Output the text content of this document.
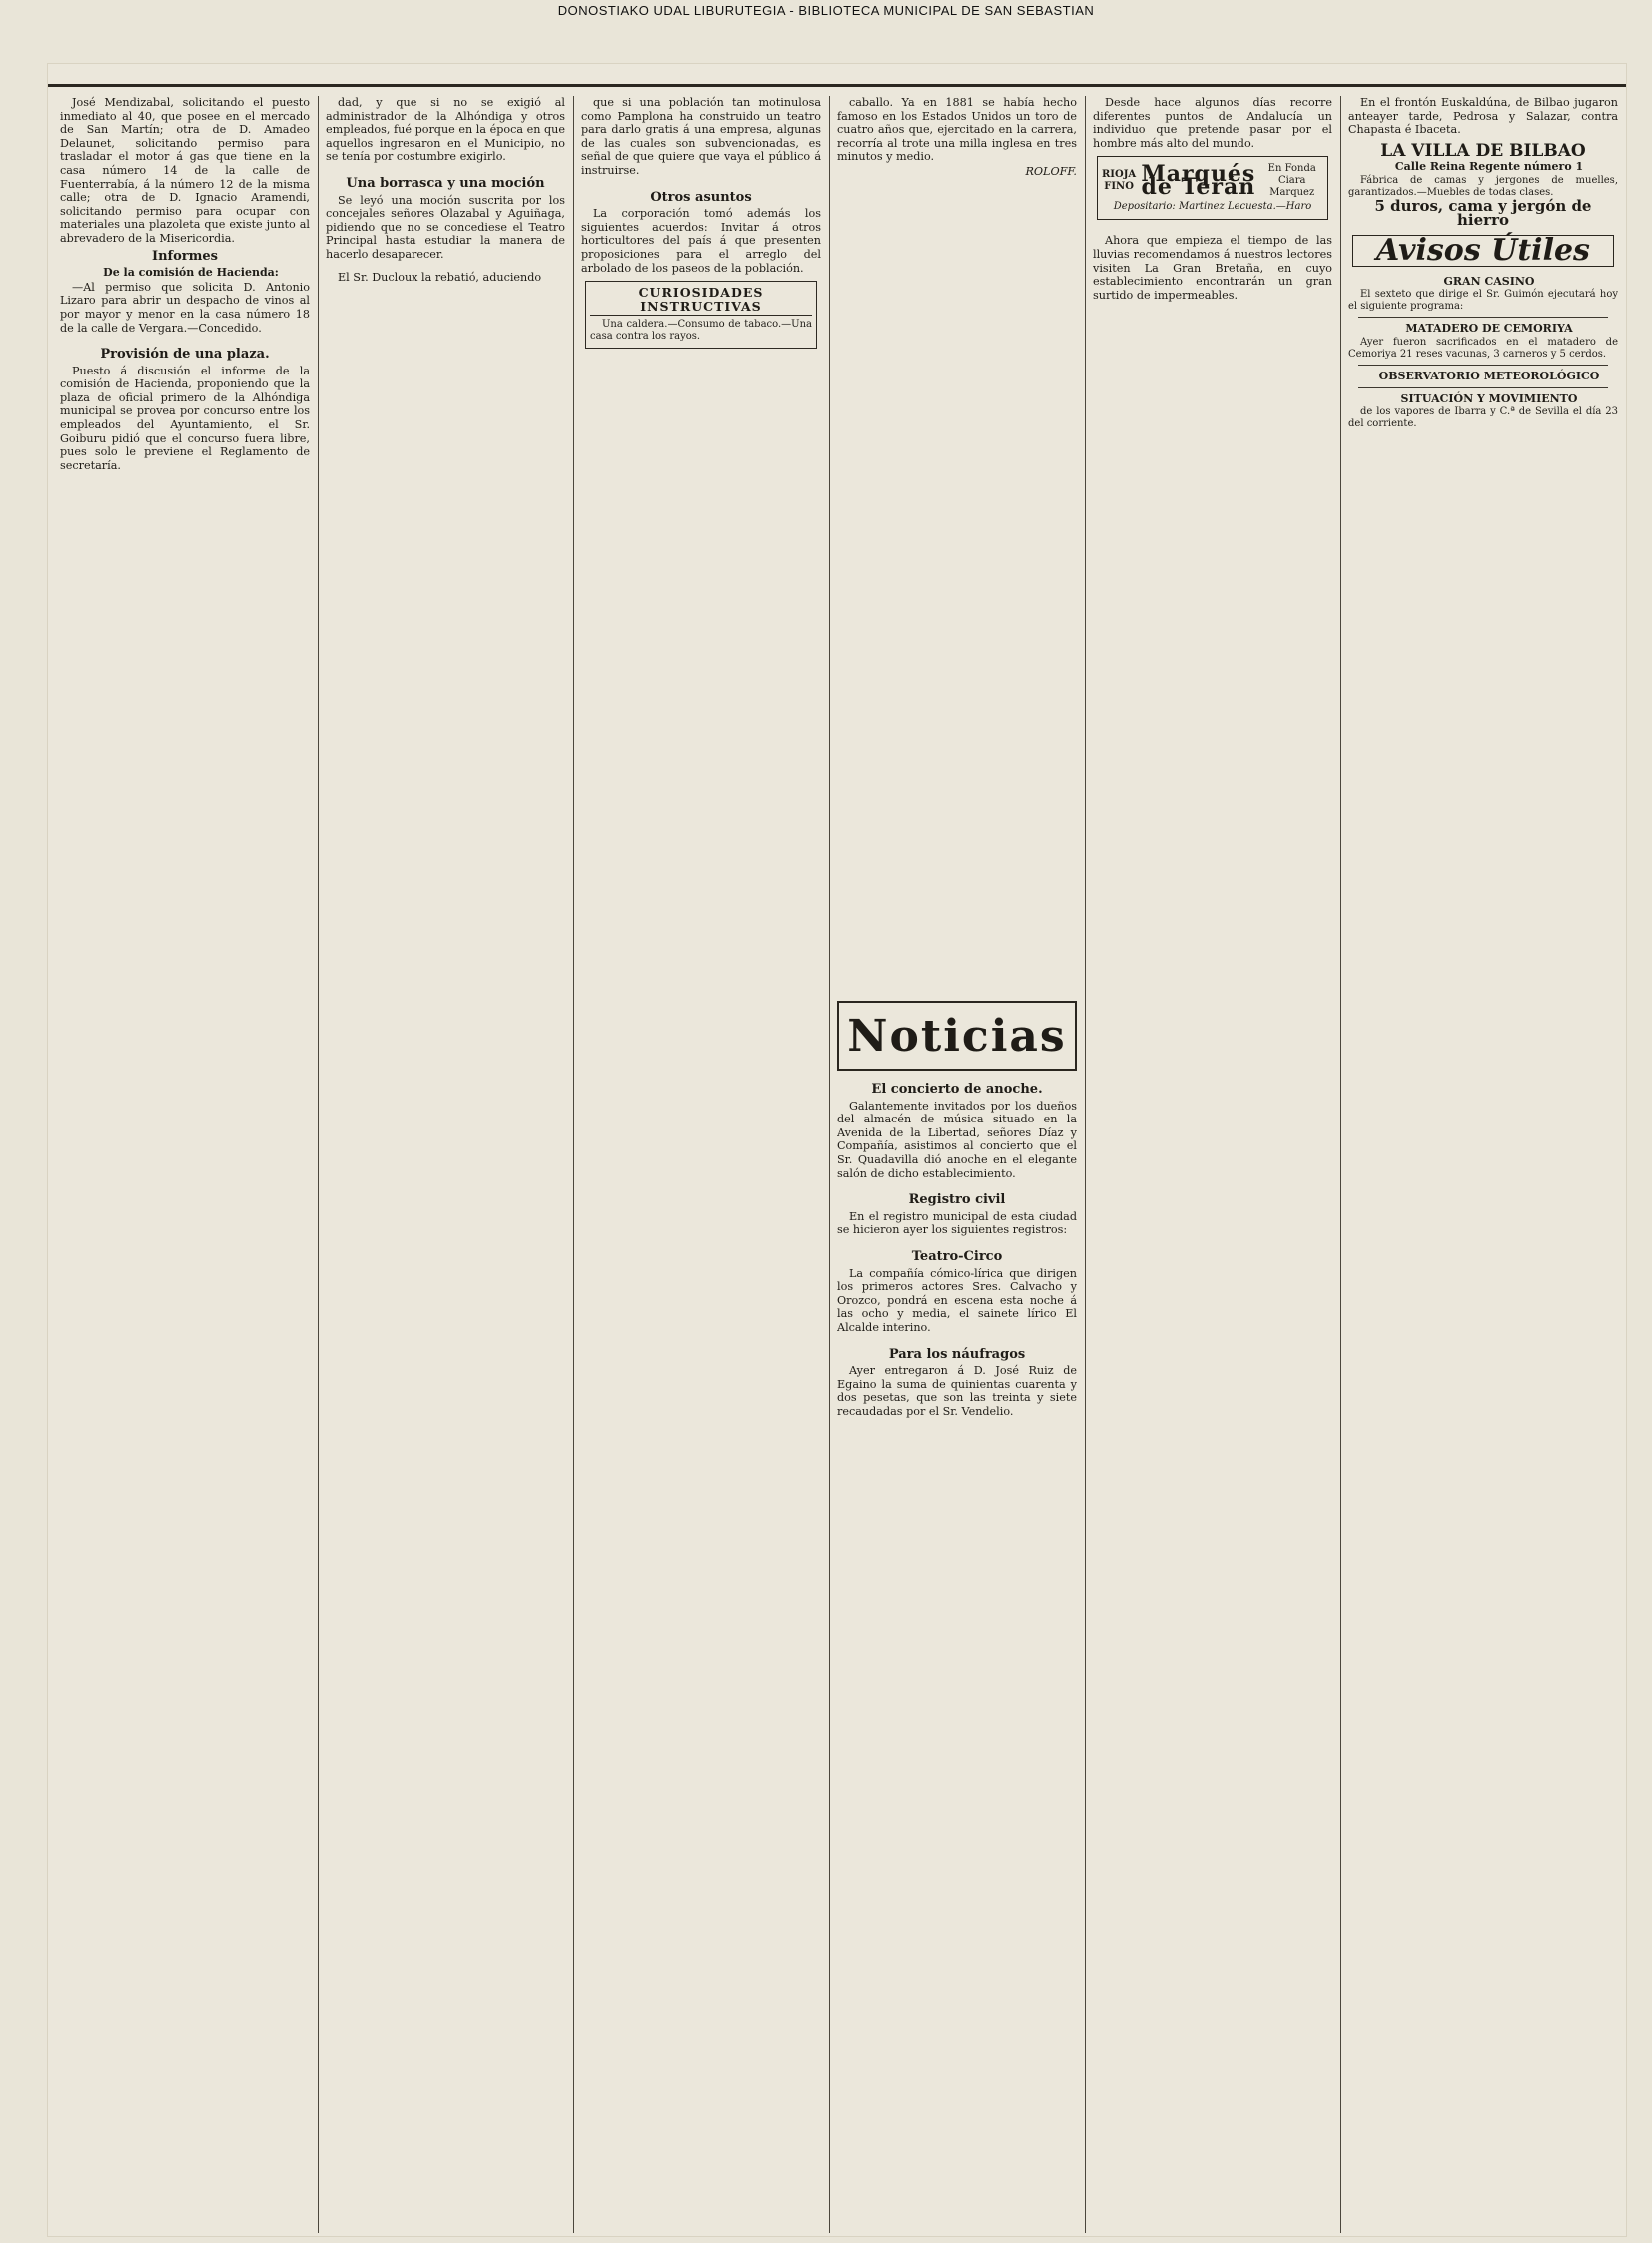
DONOSTIAKO UDAL LIBURUTEGIA - BIBLIOTECA MUNICIPAL DE SAN SEBASTIAN

José Mendizabal, solicitando el puesto inmediato al 40, que posee en el mercado de San Martín; otra de D. Amadeo Delaunet, solicitando permiso para trasladar el motor á gas que tiene en la casa número 14 de la calle de Fuenterrabía, á la número 12 de la misma calle; otra de D. Ignacio Aramendi, solicitando permiso para ocupar con materiales una plazoleta que existe junto al abrevadero de la Misericordia.

Informes

De la comisión de Hacienda:

—Al permiso que solicita D. Antonio Lizaro para abrir un despacho de vinos al por mayor y menor en la casa número 18 de la calle de Vergara.—Concedido.

Provisión de una plaza.

Puesto á discusión el informe de la comisión de Hacienda, proponiendo que la plaza de oficial primero de la Alhóndiga municipal se provea por concurso entre los empleados del Ayuntamiento, el Sr. Goiburu pidió que el concurso fuera libre, pues solo le previene el Reglamento de secretaría.

dad, y que si no se exigió al administrador de la Alhóndiga y otros empleados, fué porque en la época en que aquellos ingresaron en el Municipio, no se tenía por costumbre exigirlo.

Una borrasca y una moción

Se leyó una moción suscrita por los concejales señores Olazabal y Aguiñaga, pidiendo que no se concediese el Teatro Principal hasta estudiar la manera de hacerlo desaparecer.

El Sr. Ducloux la rebatió, aduciendo

que si una población tan motinulosa como Pamplona ha construido un teatro para darlo gratis á una empresa, algunas de las cuales son subvencionadas, es señal de que quiere que vaya el público á instruirse.

Otros asuntos

La corporación tomó además los siguientes acuerdos: Invitar á otros horticultores del país á que presenten proposiciones para el arreglo del arbolado de los paseos de la población.

CURIOSIDADES INSTRUCTIVAS

Una caldera.—Consumo de tabaco.—Una casa contra los rayos.

caballo. Ya en 1881 se había hecho famoso en los Estados Unidos un toro de cuatro años que, ejercitado en la carrera, recorría al trote una milla inglesa en tres minutos y medio.

ROLOFF.

Noticias
El concierto de anoche.

Galantemente invitados por los dueños del almacén de música situado en la Avenida de la Libertad, señores Díaz y Compañía, asistimos al concierto que el Sr. Quadavilla dió anoche en el elegante salón de dicho establecimiento.

Registro civil

En el registro municipal de esta ciudad se hicieron ayer los siguientes registros:

Teatro-Circo

La compañía cómico-lírica que dirigen los primeros actores Sres. Calvacho y Orozco, pondrá en escena esta noche á las ocho y media, el sainete lírico El Alcalde interino.

Para los náufragos

Ayer entregaron á D. José Ruiz de Egaino la suma de quinientas cuarenta y dos pesetas, que son las treinta y siete recaudadas por el Sr. Vendelio.

Desde hace algunos días recorre diferentes puntos de Andalucía un individuo que pretende pasar por el hombre más alto del mundo.

RIOJA FINO
Marqués de Terán
En Fonda Ciara Marquez
Depositario: Martinez Lecuesta.—Haro

Ahora que empieza el tiempo de las lluvias recomendamos á nuestros lectores visiten La Gran Bretaña, en cuyo establecimiento encontrarán un gran surtido de impermeables.

En el frontón Euskaldúna, de Bilbao jugaron anteayer tarde, Pedrosa y Salazar, contra Chapasta é Ibaceta.

LA VILLA DE BILBAO

Calle Reina Regente número 1

Fábrica de camas y jergones de muelles, garantizados.—Muebles de todas clases.

5 duros, cama y jergón de hierro

Avisos Útiles

GRAN CASINO

El sexteto que dirige el Sr. Guimón ejecutará hoy el siguiente programa:

MATADERO DE CEMORIYA

Ayer fueron sacrificados en el matadero de Cemoriya 21 reses vacunas, 3 carneros y 5 cerdos.

OBSERVATORIO METEOROLÓGICO

SITUACIÓN Y MOVIMIENTO

de los vapores de Ibarra y C.ª de Sevilla el día 23 del corriente.
